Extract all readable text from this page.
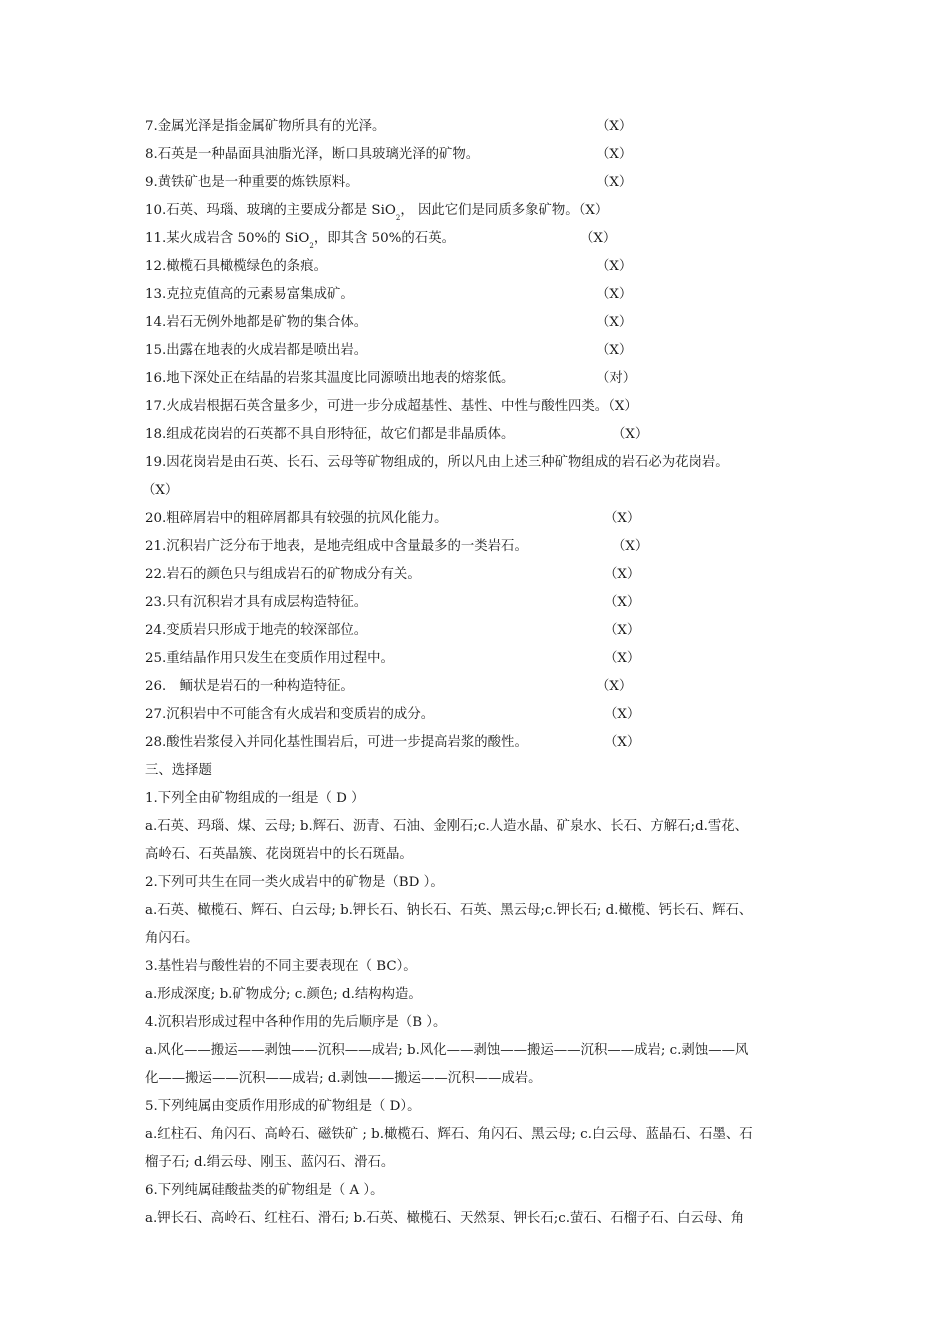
7.金属光泽是指金属矿物所具有的光泽。	（X）
8.石英是一种晶面具油脂光泽，断口具玻璃光泽的矿物。	（X）
9.黄铁矿也是一种重要的炼铁原料。	（X）
10.石英、玛瑙、玻璃的主要成分都是 SiO$_2$， 因此它们是同质多象矿物。（X）
11.某火成岩含 50%的 SiO$_2$，即其含 50%的石英。	（X）
12.橄榄石具橄榄绿色的条痕。	（X）
13.克拉克值高的元素易富集成矿。	（X）
14.岩石无例外地都是矿物的集合体。	（X）
15.出露在地表的火成岩都是喷出岩。	（X）
16.地下深处正在结晶的岩浆其温度比同源喷出地表的熔浆低。	（对）
17.火成岩根据石英含量多少，可进一步分成超基性、基性、中性与酸性四类。（X）
18.组成花岗岩的石英都不具自形特征，故它们都是非晶质体。	（X）
19.因花岗岩是由石英、长石、云母等矿物组成的，所以凡由上述三种矿物组成的岩石必为花岗岩。
（X）
20.粗碎屑岩中的粗碎屑都具有较强的抗风化能力。	（X）
21.沉积岩广泛分布于地表，是地壳组成中含量最多的一类岩石。	（X）
22.岩石的颜色只与组成岩石的矿物成分有关。	（X）
23.只有沉积岩才具有成层构造特征。	（X）
24.变质岩只形成于地壳的较深部位。	（X）
25.重结晶作用只发生在变质作用过程中。	（X）
26． 鲕状是岩石的一种构造特征。	（X）
27.沉积岩中不可能含有火成岩和变质岩的成分。	（X）
28.酸性岩浆侵入并同化基性围岩后，可进一步提高岩浆的酸性。	（X）
三、选择题
1.下列全由矿物组成的一组是（ D ）
a.石英、玛瑙、煤、云母; b.辉石、沥青、石油、金刚石;c.人造水晶、矿泉水、长石、方解石;d.雪花、
高岭石、石英晶簇、花岗斑岩中的长石斑晶。
2.下列可共生在同一类火成岩中的矿物是（BD ）。
a.石英、橄榄石、辉石、白云母; b.钾长石、钠长石、石英、黑云母;c.钾长石; d.橄榄、钙长石、辉石、
角闪石。
3.基性岩与酸性岩的不同主要表现在（ BC）。
a.形成深度; b.矿物成分; c.颜色; d.结构构造。
4.沉积岩形成过程中各种作用的先后顺序是（B ）。
a.风化——搬运——剥蚀——沉积——成岩; b.风化——剥蚀——搬运——沉积——成岩; c.剥蚀——风
化——搬运——沉积——成岩; d.剥蚀——搬运——沉积——成岩。
5.下列纯属由变质作用形成的矿物组是（ D）。
a.红柱石、角闪石、高岭石、磁铁矿 ; b.橄榄石、辉石、角闪石、黑云母; c.白云母、蓝晶石、石墨、石
榴子石; d.绢云母、刚玉、蓝闪石、滑石。
6.下列纯属硅酸盐类的矿物组是（ A ）。
a.钾长石、高岭石、红柱石、滑石; b.石英、橄榄石、天然泵、钾长石;c.萤石、石榴子石、白云母、角
